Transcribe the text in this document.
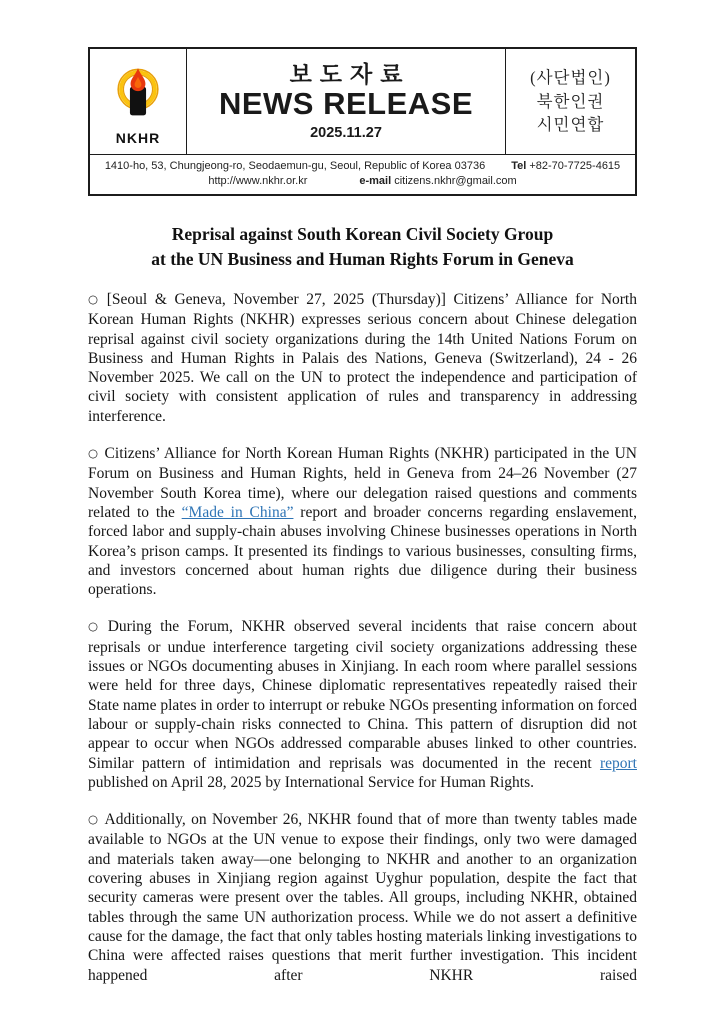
NKHR
보도자료
NEWS RELEASE
2025.11.27
(사단법인)
북한인권
시민연합
1410-ho, 53, Chungjeong-ro, Seodaemun-gu, Seoul, Republic of Korea 03736 Tel +82-70-7725-4615
http://www.nkhr.or.kr	e-mail citizens.nkhr@gmail.com
Reprisal against South Korean Civil Society Group
at the UN Business and Human Rights Forum in Geneva

○ [Seoul & Geneva, November 27, 2025 (Thursday)] Citizens’ Alliance for North Korean Human Rights (NKHR) expresses serious concern about Chinese delegation reprisal against civil society organizations during the 14th United Nations Forum on Business and Human Rights in Palais des Nations, Geneva (Switzerland), 24 - 26 November 2025. We call on the UN to protect the independence and participation of civil society with consistent application of rules and transparency in addressing interference.

○ Citizens’ Alliance for North Korean Human Rights (NKHR) participated in the UN Forum on Business and Human Rights, held in Geneva from 24–26 November (27 November South Korea time), where our delegation raised questions and comments related to the “Made in China” report and broader concerns regarding enslavement, forced labor and supply-chain abuses involving Chinese businesses operations in North Korea’s prison camps. It presented its findings to various businesses, consulting firms, and investors concerned about human rights due diligence during their business operations.

○ During the Forum, NKHR observed several incidents that raise concern about reprisals or undue interference targeting civil society organizations addressing these issues or NGOs documenting abuses in Xinjiang. In each room where parallel sessions were held for three days, Chinese diplomatic representatives repeatedly raised their State name plates in order to interrupt or rebuke NGOs presenting information on forced labour or supply-chain risks connected to China. This pattern of disruption did not appear to occur when NGOs addressed comparable abuses linked to other countries. Similar pattern of intimidation and reprisals was documented in the recent report published on April 28, 2025 by International Service for Human Rights.

○ Additionally, on November 26, NKHR found that of more than twenty tables made available to NGOs at the UN venue to expose their findings, only two were damaged and materials taken away—one belonging to NKHR and another to an organization covering abuses in Xinjiang region against Uyghur population, despite the fact that security cameras were present over the tables. All groups, including NKHR, obtained tables through the same UN authorization process. While we do not assert a definitive cause for the damage, the fact that only tables hosting materials linking investigations to China were affected raises questions that merit further investigation. This incident happened after NKHR raised
